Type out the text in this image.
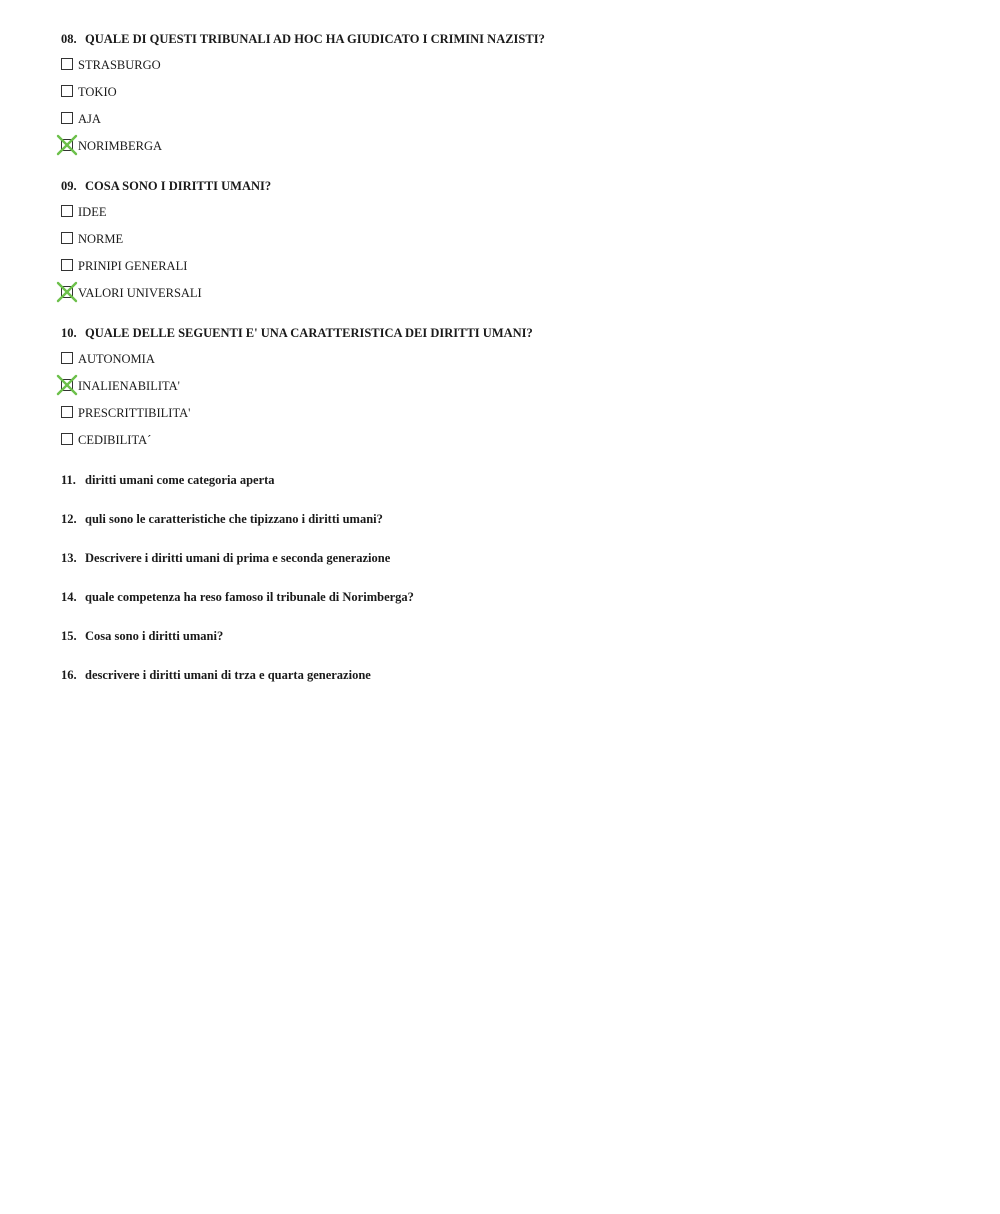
08. QUALE DI QUESTI TRIBUNALI AD HOC HA GIUDICATO I CRIMINI NAZISTI?
STRASBURGO
TOKIO
AJA
NORIMBERGA
09. COSA SONO I DIRITTI UMANI?
IDEE
NORME
PRINIPI GENERALI
VALORI UNIVERSALI
10. QUALE DELLE SEGUENTI E' UNA CARATTERISTICA DEI DIRITTI UMANI?
AUTONOMIA
INALIENABILITA'
PRESCRITTIBILITA'
CEDIBILITA´
11. diritti umani come categoria aperta
12. quli sono le caratteristiche che tipizzano i diritti umani?
13. Descrivere i diritti umani di prima e seconda generazione
14. quale competenza ha reso famoso il tribunale di Norimberga?
15. Cosa sono i diritti umani?
16. descrivere i diritti umani di trza e quarta generazione
